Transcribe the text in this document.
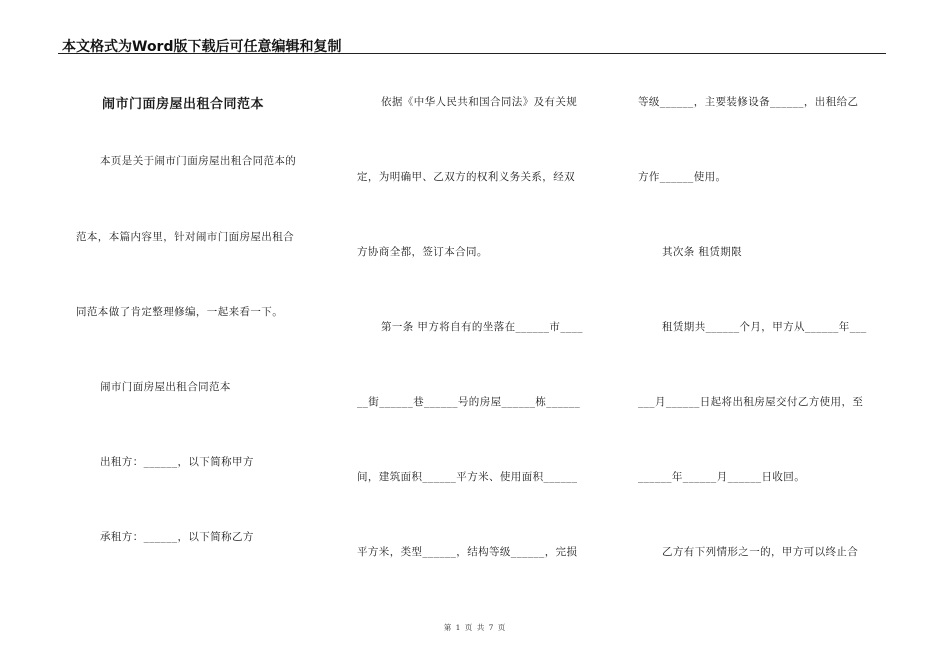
本文格式为Word版下载后可任意编辑和复制
闹市门面房屋出租合同范本
本页是关于闹市门面房屋出租合同范本的
范本，本篇内容里，针对闹市门面房屋出租合
同范本做了肯定整理修编，一起来看一下。
闹市门面房屋出租合同范本
出租方：______，以下简称甲方
承租方：______，以下简称乙方
依据《中华人民共和国合同法》及有关规
定，为明确甲、乙双方的权利义务关系，经双
方协商全都，签订本合同。
第一条 甲方将自有的坐落在______市____
__街______巷______号的房屋______栋______
间，建筑面积______平方米、使用面积______
平方米，类型______，结构等级______，完损
等级______，主要装修设备______，出租给乙
方作______使用。
其次条 租赁期限
租赁期共______个月，甲方从______年___
___月______日起将出租房屋交付乙方使用，至
______年______月______日收回。
乙方有下列情形之一的，甲方可以终止合
第 1 页 共 7 页
